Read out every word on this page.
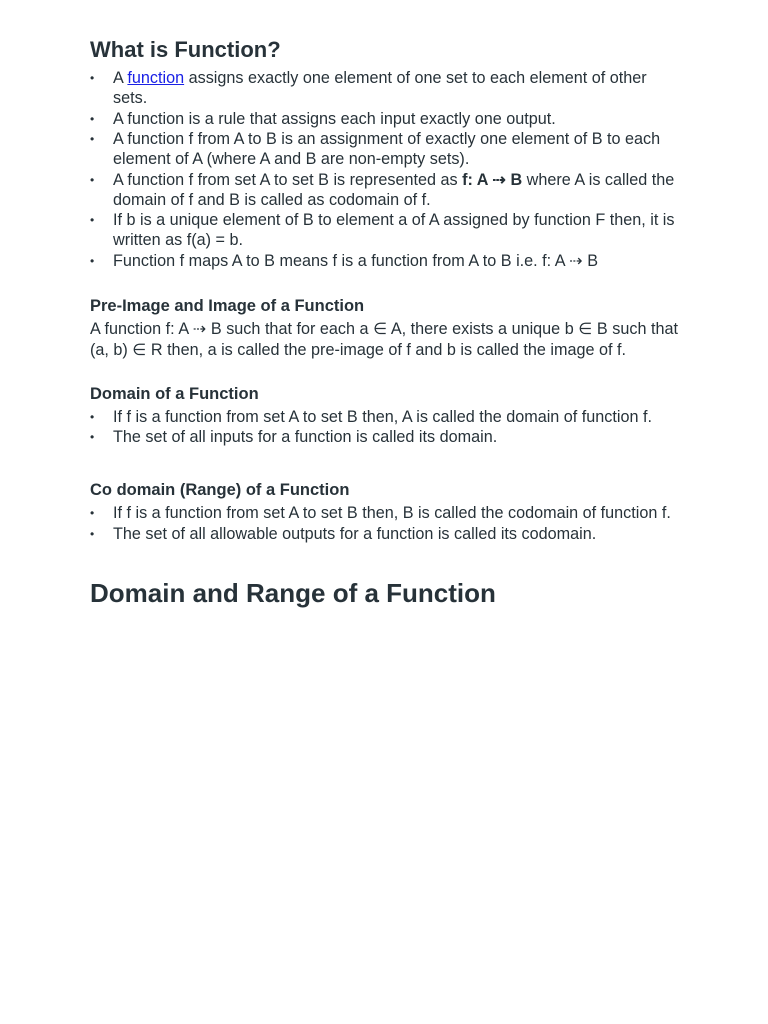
What is Function?
• A function assigns exactly one element of one set to each element of other sets.
• A function is a rule that assigns each input exactly one output.
• A function f from A to B is an assignment of exactly one element of B to each element of A (where A and B are non-empty sets).
• A function f from set A to set B is represented as f: A ⇢ B where A is called the domain of f and B is called as codomain of f.
• If b is a unique element of B to element a of A assigned by function F then, it is written as f(a) = b.
• Function f maps A to B means f is a function from A to B i.e. f: A ⇢ B
Pre-Image and Image of a Function

A function f: A ⇢ B such that for each a ∈ A, there exists a unique b ∈ B such that (a, b) ∈ R then, a is called the pre-image of f and b is called the image of f.

Domain of a Function
• If f is a function from set A to set B then, A is called the domain of function f.
• The set of all inputs for a function is called its domain.
Co domain (Range) of a Function
• If f is a function from set A to set B then, B is called the codomain of function f.
• The set of all allowable outputs for a function is called its codomain.
Domain and Range of a Function
